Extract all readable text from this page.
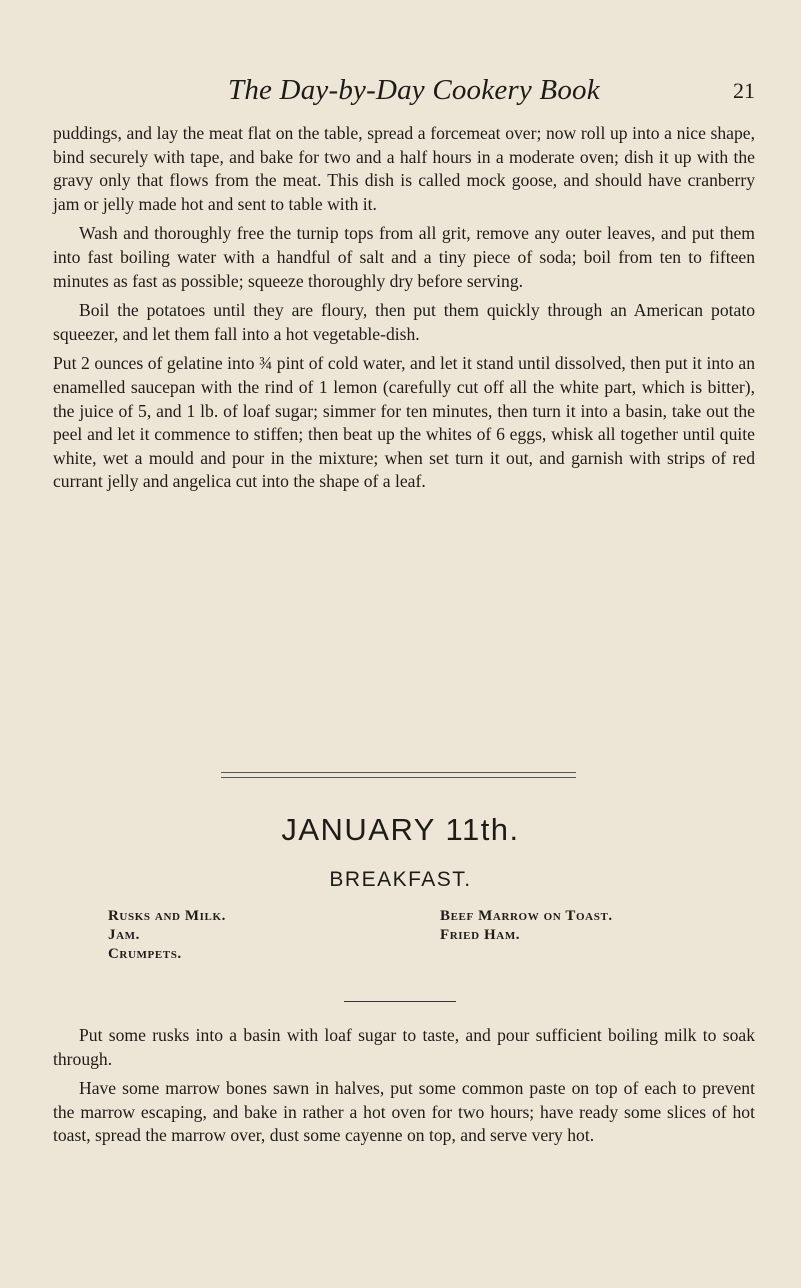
The Day-by-Day Cookery Book	21

puddings, and lay the meat flat on the table, spread a forcemeat over; now roll up into a nice shape, bind securely with tape, and bake for two and a half hours in a moderate oven; dish it up with the gravy only that flows from the meat. This dish is called mock goose, and should have cranberry jam or jelly made hot and sent to table with it.

Wash and thoroughly free the turnip tops from all grit, remove any outer leaves, and put them into fast boiling water with a handful of salt and a tiny piece of soda; boil from ten to fifteen minutes as fast as possible; squeeze thoroughly dry before serving.

Boil the potatoes until they are floury, then put them quickly through an American potato squeezer, and let them fall into a hot vegetable-dish.

Put 2 ounces of gelatine into ¾ pint of cold water, and let it stand until dissolved, then put it into an enamelled saucepan with the rind of 1 lemon (carefully cut off all the white part, which is bitter), the juice of 5, and 1 lb. of loaf sugar; simmer for ten minutes, then turn it into a basin, take out the peel and let it commence to stiffen; then beat up the whites of 6 eggs, whisk all together until quite white, wet a mould and pour in the mixture; when set turn it out, and garnish with strips of red currant jelly and angelica cut into the shape of a leaf.

JANUARY 11th.
BREAKFAST.
Rusks and Milk.
Jam.
Crumpets.
Beef Marrow on Toast.
Fried Ham.

Put some rusks into a basin with loaf sugar to taste, and pour sufficient boiling milk to soak through.

Have some marrow bones sawn in halves, put some common paste on top of each to prevent the marrow escaping, and bake in rather a hot oven for two hours; have ready some slices of hot toast, spread the marrow over, dust some cayenne on top, and serve very hot.
